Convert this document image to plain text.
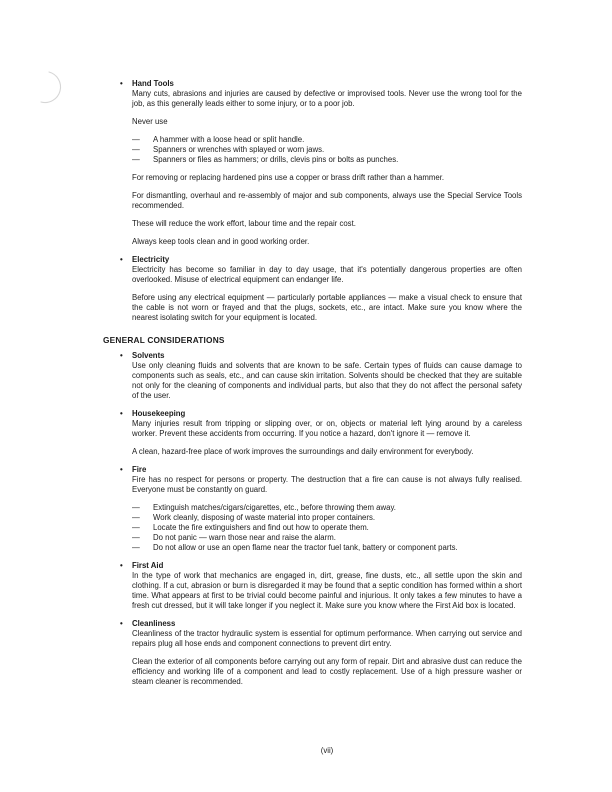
•	Hand Tools

Many cuts, abrasions and injuries are caused by defective or improvised tools. Never use the wrong tool for the job, as this generally leads either to some injury, or to a poor job.

Never use

—	A hammer with a loose head or split handle.
—	Spanners or wrenches with splayed or worn jaws.
—	Spanners or files as hammers; or drills, clevis pins or bolts as punches.

For removing or replacing hardened pins use a copper or brass drift rather than a hammer.

For dismantling, overhaul and re-assembly of major and sub components, always use the Special Service Tools recommended.

These will reduce the work effort, labour time and the repair cost.

Always keep tools clean and in good working order.

•	Electricity

Electricity has become so familiar in day to day usage, that it's potentially dangerous properties are often overlooked. Misuse of electrical equipment can endanger life.

Before using any electrical equipment — particularly portable appliances — make a visual check to ensure that the cable is not worn or frayed and that the plugs, sockets, etc., are intact. Make sure you know where the nearest isolating switch for your equipment is located.

GENERAL CONSIDERATIONS
•	Solvents

Use only cleaning fluids and solvents that are known to be safe. Certain types of fluids can cause damage to components such as seals, etc., and can cause skin irritation. Solvents should be checked that they are suitable not only for the cleaning of components and individual parts, but also that they do not affect the personal safety of the user.

•	Housekeeping

Many injuries result from tripping or slipping over, or on, objects or material left lying around by a careless worker. Prevent these accidents from occurring. If you notice a hazard, don't ignore it — remove it.

A clean, hazard-free place of work improves the surroundings and daily environment for everybody.

•	Fire

Fire has no respect for persons or property. The destruction that a fire can cause is not always fully realised. Everyone must be constantly on guard.

—	Extinguish matches/cigars/cigarettes, etc., before throwing them away.
—	Work cleanly, disposing of waste material into proper containers.
—	Locate the fire extinguishers and find out how to operate them.
—	Do not panic — warn those near and raise the alarm.
—	Do not allow or use an open flame near the tractor fuel tank, battery or component parts.
•	First Aid

In the type of work that mechanics are engaged in, dirt, grease, fine dusts, etc., all settle upon the skin and clothing. If a cut, abrasion or burn is disregarded it may be found that a septic condition has formed within a short time. What appears at first to be trivial could become painful and injurious. It only takes a few minutes to have a fresh cut dressed, but it will take longer if you neglect it. Make sure you know where the First Aid box is located.

•	Cleanliness

Cleanliness of the tractor hydraulic system is essential for optimum performance. When carrying out service and repairs plug all hose ends and component connections to prevent dirt entry.

Clean the exterior of all components before carrying out any form of repair. Dirt and abrasive dust can reduce the efficiency and working life of a component and lead to costly replacement. Use of a high pressure washer or steam cleaner is recommended.

(vii)
